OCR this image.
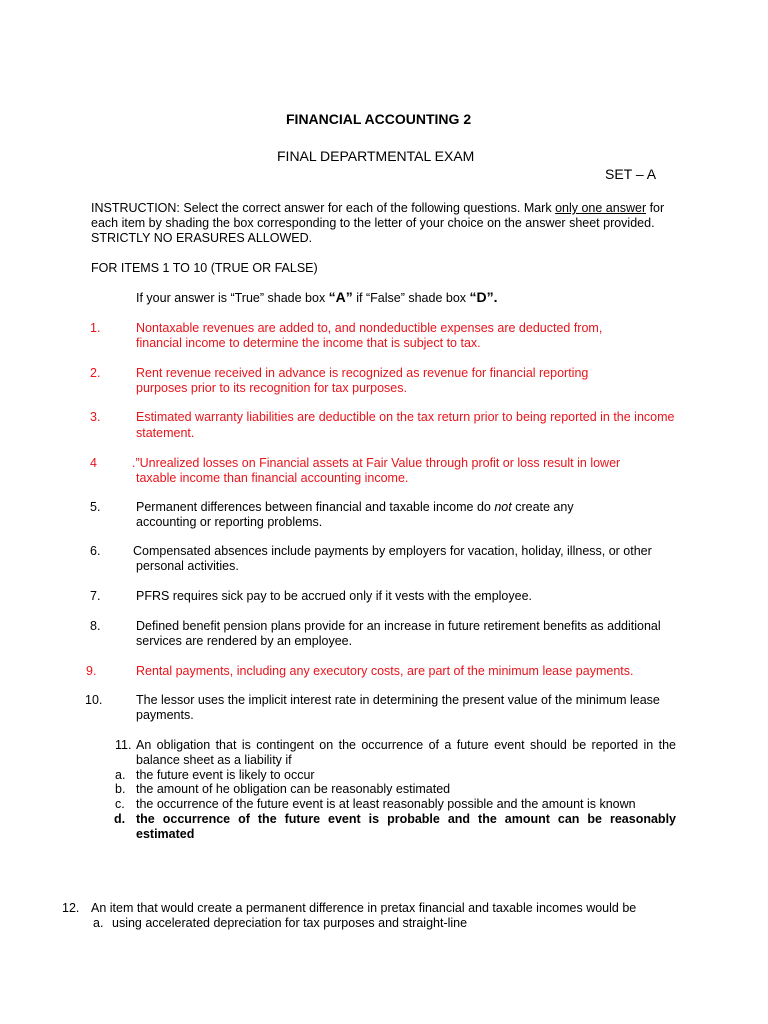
FINANCIAL ACCOUNTING 2
FINAL DEPARTMENTAL EXAM
SET – A
INSTRUCTION: Select the correct answer for each of the following questions. Mark only one answer for
each item by shading the box corresponding to the letter of your choice on the answer sheet provided.
STRICTLY NO ERASURES ALLOWED.
FOR ITEMS 1 TO 10 (TRUE OR FALSE)
If your answer is “True” shade box “A” if “False” shade box “D”.
1.	Nontaxable revenues are added to, and nondeductible expenses are deducted from,
financial income to determine the income that is subject to tax.
2.	Rent revenue received in advance is recognized as revenue for financial reporting
purposes prior to its recognition for tax purposes.
3.	Estimated warranty liabilities are deductible on the tax return prior to being reported in the income
statement.
4	.”Unrealized losses on Financial assets at Fair Value through profit or loss result in lower
taxable income than financial accounting income.
5.	Permanent differences between financial and taxable income do not create any
accounting or reporting problems.
6.	Compensated absences include payments by employers for vacation, holiday, illness, or other
personal activities.
7.	PFRS requires sick pay to be accrued only if it vests with the employee.
8.	Defined benefit pension plans provide for an increase in future retirement benefits as additional
services are rendered by an employee.
9.	Rental payments, including any executory costs, are part of the minimum lease payments.
10.	The lessor uses the implicit interest rate in determining the present value of the minimum lease
payments.
11. An obligation that is contingent on the occurrence of a future event should be reported in the
balance sheet as a liability if
a. the future event is likely to occur
b. the amount of he obligation can be reasonably estimated
c. the occurrence of the future event is at least reasonably possible and the amount is known
d. the occurrence of the future event is probable and the amount can be reasonably
estimated
12. An item that would create a permanent difference in pretax financial and taxable incomes would be
a. using accelerated depreciation for tax purposes and straight-line
